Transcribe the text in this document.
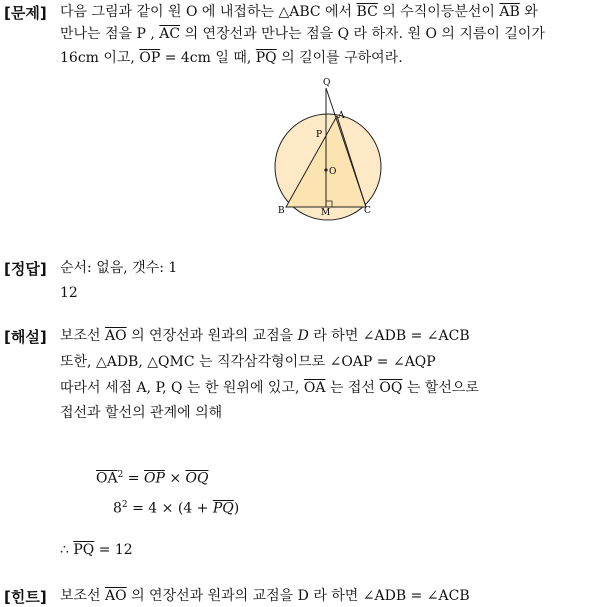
[문제] 다음 그림과 같이 원 O 에 내접하는 △ABC 에서 $\overline{BC}$ 의 수직이등분선이 $\overline{AB}$ 와
만나는 점을 P , $\overline{AC}$ 의 연장선과 만나는 점을 Q 라 하자. 원 O 의 지름이 길이가
16cm 이고, $\overline{OP} = 4cm$ 일 때, $\overline{PQ}$ 의 길이를 구하여라.
Q
A
P
O
B	M	C
[정답] 순서: 없음, 갯수: 1
12
[해설] 보조선 $\overline{AO}$ 의 연장선과 원과의 교점을 D 라 하면 ∠ADB = ∠ACB
또한, △ADB, △QMC 는 직각삼각형이므로 ∠OAP = ∠AQP
따라서 세점 A, P, Q 는 한 원위에 있고, $\overline{OA}$ 는 접선 $\overline{OQ}$ 는 할선으로
접선과 할선의 관계에 의해
$\overline{OA}^2 = \overline{OP} \times \overline{OQ}$
$8^2 = 4 \times (4 + \overline{PQ})$
∴ $\overline{PQ} = 12$
[힌트] 보조선 $\overline{AO}$ 의 연장선과 원과의 교점을 D 라 하면 ∠ADB = ∠ACB
